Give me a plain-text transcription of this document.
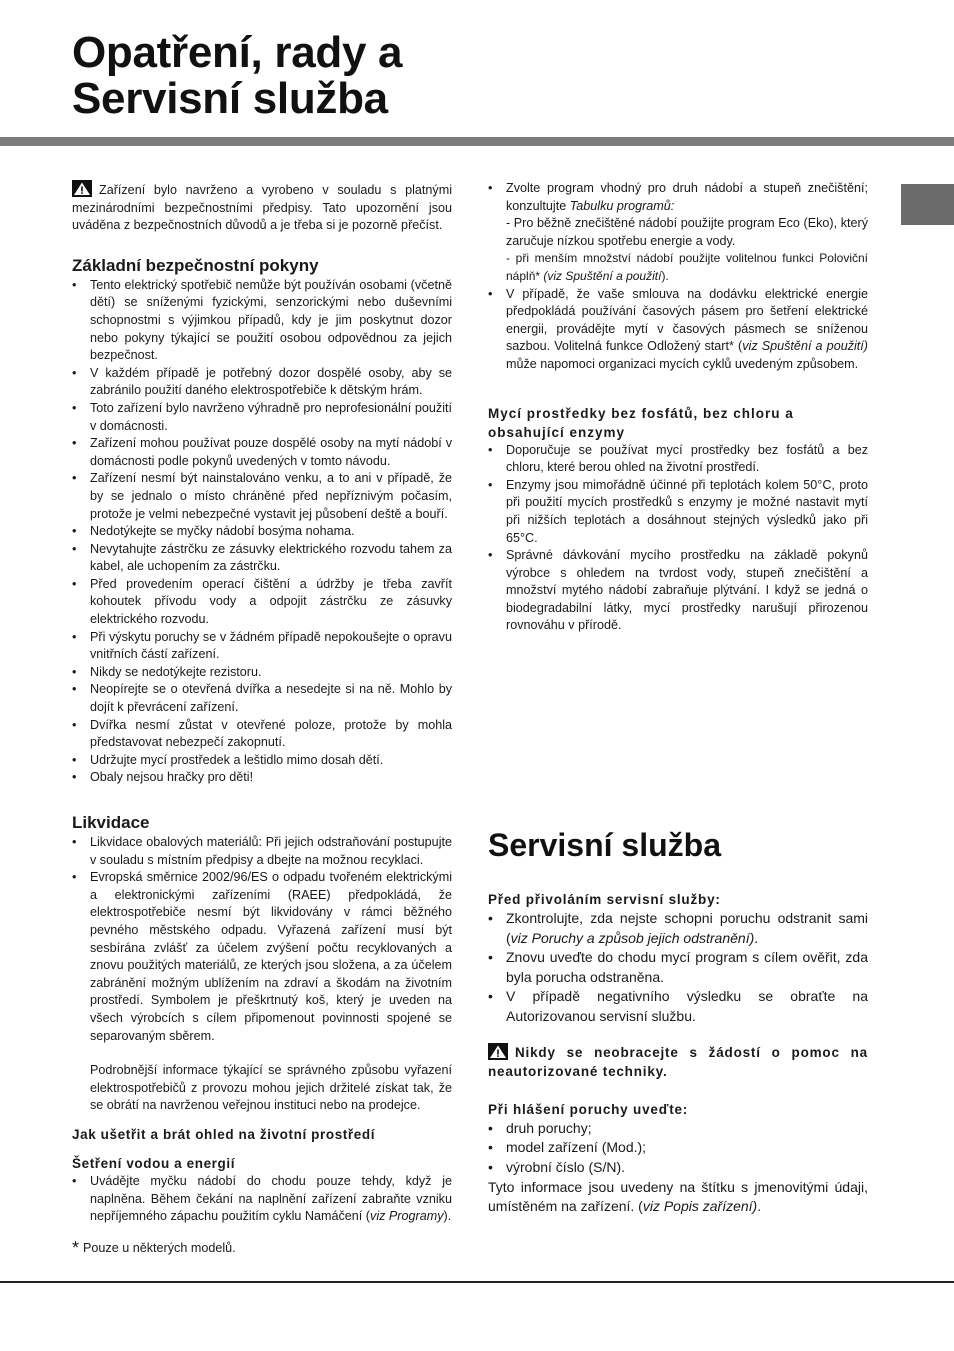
Opatření, rady a
Servisní služba

Zařízení bylo navrženo a vyrobeno v souladu s platnými mezinárodními bezpečnostními předpisy. Tato upozornění jsou uváděna z bezpečnostních důvodů a je třeba si je pozorně přečíst.

Základní bezpečnostní pokyny
• Tento elektrický spotřebič nemůže být používán osobami (včetně dětí) se sníženými fyzickými, senzorickými nebo duševními schopnostmi s výjimkou případů, kdy je jim poskytnut dozor nebo pokyny týkající se použití osobou odpovědnou za jejich bezpečnost.
• V každém případě je potřebný dozor dospělé osoby, aby se zabránilo použití daného elektrospotřebiče k dětským hrám.
• Toto zařízení bylo navrženo výhradně pro neprofesionální použití v domácnosti.
• Zařízení mohou používat pouze dospělé osoby na mytí nádobí v domácnosti podle pokynů uvedených v tomto návodu.
• Zařízení nesmí být nainstalováno venku, a to ani v případě, že by se jednalo o místo chráněné před nepříznivým počasím, protože je velmi nebezpečné vystavit jej působení deště a bouří.
• Nedotýkejte se myčky nádobí bosýma nohama.
• Nevytahujte zástrčku ze zásuvky elektrického rozvodu tahem za kabel, ale uchopením za zástrčku.
• Před provedením operací čištění a údržby je třeba zavřít kohoutek přívodu vody a odpojit zástrčku ze zásuvky elektrického rozvodu.
• Při výskytu poruchy se v žádném případě nepokoušejte o opravu vnitřních částí zařízení.
• Nikdy se nedotýkejte rezistoru.
• Neopírejte se o otevřená dvířka a nesedejte si na ně. Mohlo by dojít k převrácení zařízení.
• Dvířka nesmí zůstat v otevřené poloze, protože by mohla představovat nebezpečí zakopnutí.
• Udržujte mycí prostředek a leštidlo mimo dosah dětí.
• Obaly nejsou hračky pro děti!
Likvidace
• Likvidace obalových materiálů: Při jejich odstraňování postupujte v souladu s místním předpisy a dbejte na možnou recyklaci.
• Evropská směrnice 2002/96/ES o odpadu tvořeném elektrickými a elektronickými zařízeními (RAEE) předpokládá, že elektrospotřebiče nesmí být likvidovány v rámci běžného pevného městského odpadu. Vyřazená zařízení musí být sesbírána zvlášť za účelem zvýšení počtu recyklovaných a znovu použitých materiálů, ze kterých jsou složena, a za účelem zabránění možným ublížením na zdraví a škodám na životním prostředí. Symbolem je přeškrtnutý koš, který je uveden na všech výrobcích s cílem připomenout povinnosti spojené se separovaným sběrem.
Podrobnější informace týkající se správného způsobu vyřazení elektrospotřebičů z provozu mohou jejich držitelé získat tak, že se obrátí na navrženou veřejnou instituci nebo na prodejce.
Jak ušetřit a brát ohled na životní prostředí
Šetření vodou a energií
• Uvádějte myčku nádobí do chodu pouze tehdy, když je naplněna. Během čekání na naplnění zařízení zabraňte vzniku nepříjemného zápachu použitím cyklu Namáčení (viz Programy).

* Pouze u některých modelů.

• Zvolte program vhodný pro druh nádobí a stupeň znečištění; konzultujte Tabulku programů:
- Pro běžně znečištěné nádobí použijte program Eco (Eko), který zaručuje nízkou spotřebu energie a vody.
- při menším množství nádobí použijte volitelnou funkci Poloviční náplň* (viz Spuštění a použití).
• V případě, že vaše smlouva na dodávku elektrické energie předpokládá používání časových pásem pro šetření elektrické energii, provádějte mytí v časových pásmech se sníženou sazbou. Volitelná funkce Odložený start* (viz Spuštění a použití) může napomoci organizaci mycích cyklů uvedeným způsobem.
Mycí prostředky bez fosfátů, bez chloru a obsahující enzymy
• Doporučuje se používat mycí prostředky bez fosfátů a bez chloru, které berou ohled na životní prostředí.
• Enzymy jsou mimořádně účinné při teplotách kolem 50°C, proto při použití mycích prostředků s enzymy je možné nastavit mytí při nižších teplotách a dosáhnout stejných výsledků jako při 65°C.
• Správné dávkování mycího prostředku na základě pokynů výrobce s ohledem na tvrdost vody, stupeň znečištění a množství mytého nádobí zabraňuje plýtvání. I když se jedná o biodegradabilní látky, mycí prostředky narušují přirozenou rovnováhu v přírodě.
Servisní služba
Před přivoláním servisní služby:
• Zkontrolujte, zda nejste schopni poruchu odstranit sami (viz Poruchy a způsob jejich odstranění).
• Znovu uveďte do chodu mycí program s cílem ověřit, zda byla porucha odstraněna.
• V případě negativního výsledku se obraťte na Autorizovanou servisní službu.

Nikdy se neobracejte s žádostí o pomoc na neautorizované techniky.

Při hlášení poruchy uveďte:
• druh poruchy;
• model zařízení (Mod.);
• výrobní číslo (S/N).

Tyto informace jsou uvedeny na štítku s jmenovitými údaji, umístěném na zařízení. (viz Popis zařízení).
